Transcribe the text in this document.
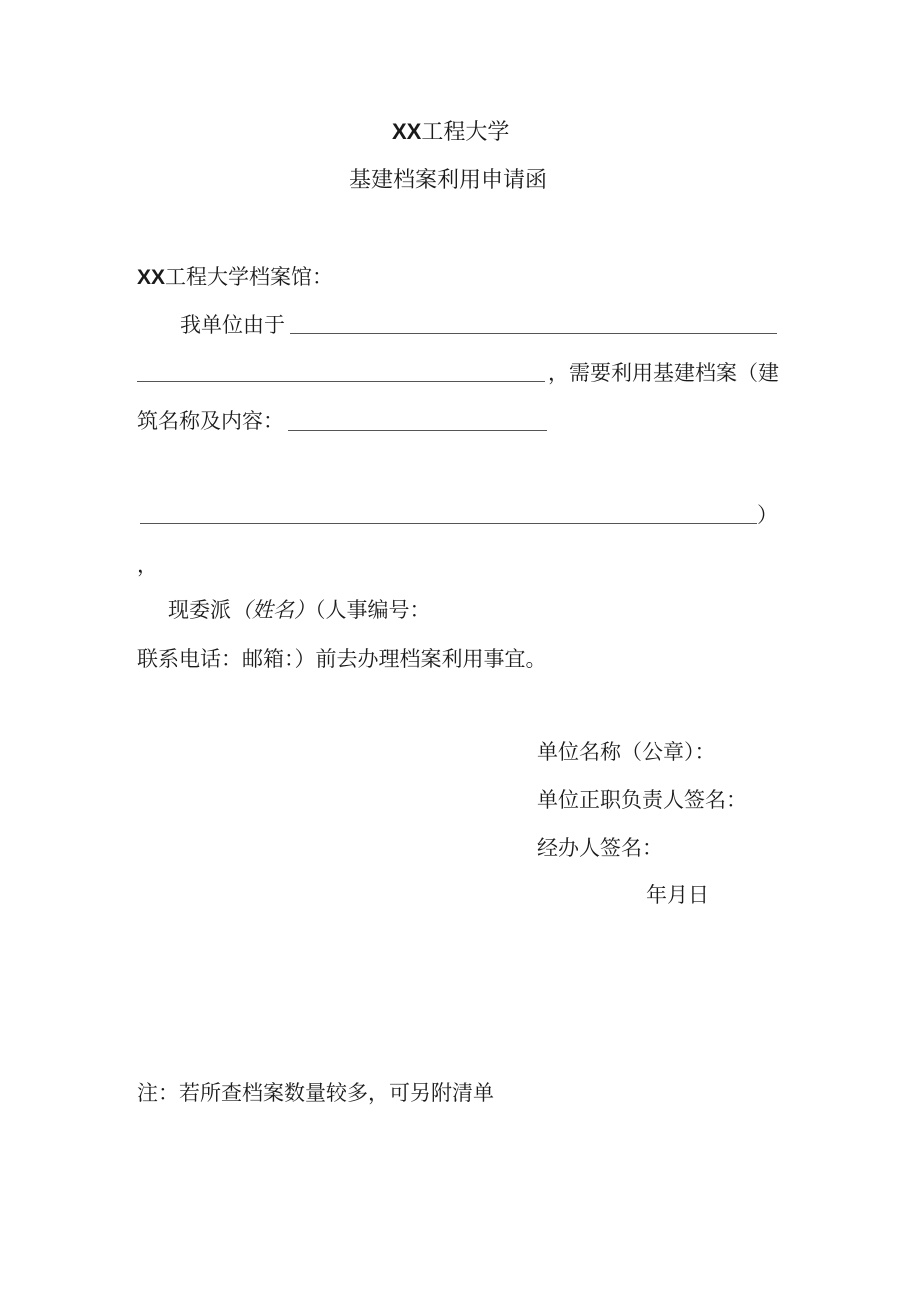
XX工程大学
基建档案利用申请函
XX工程大学档案馆：
我单位由于
，需要利用基建档案（建
筑名称及内容：
）
，
现委派（姓名）（人事编号：
联系电话：邮箱：）前去办理档案利用事宜。
单位名称（公章）：
单位正职负责人签名：
经办人签名：
年月日
注：若所查档案数量较多，可另附清单
